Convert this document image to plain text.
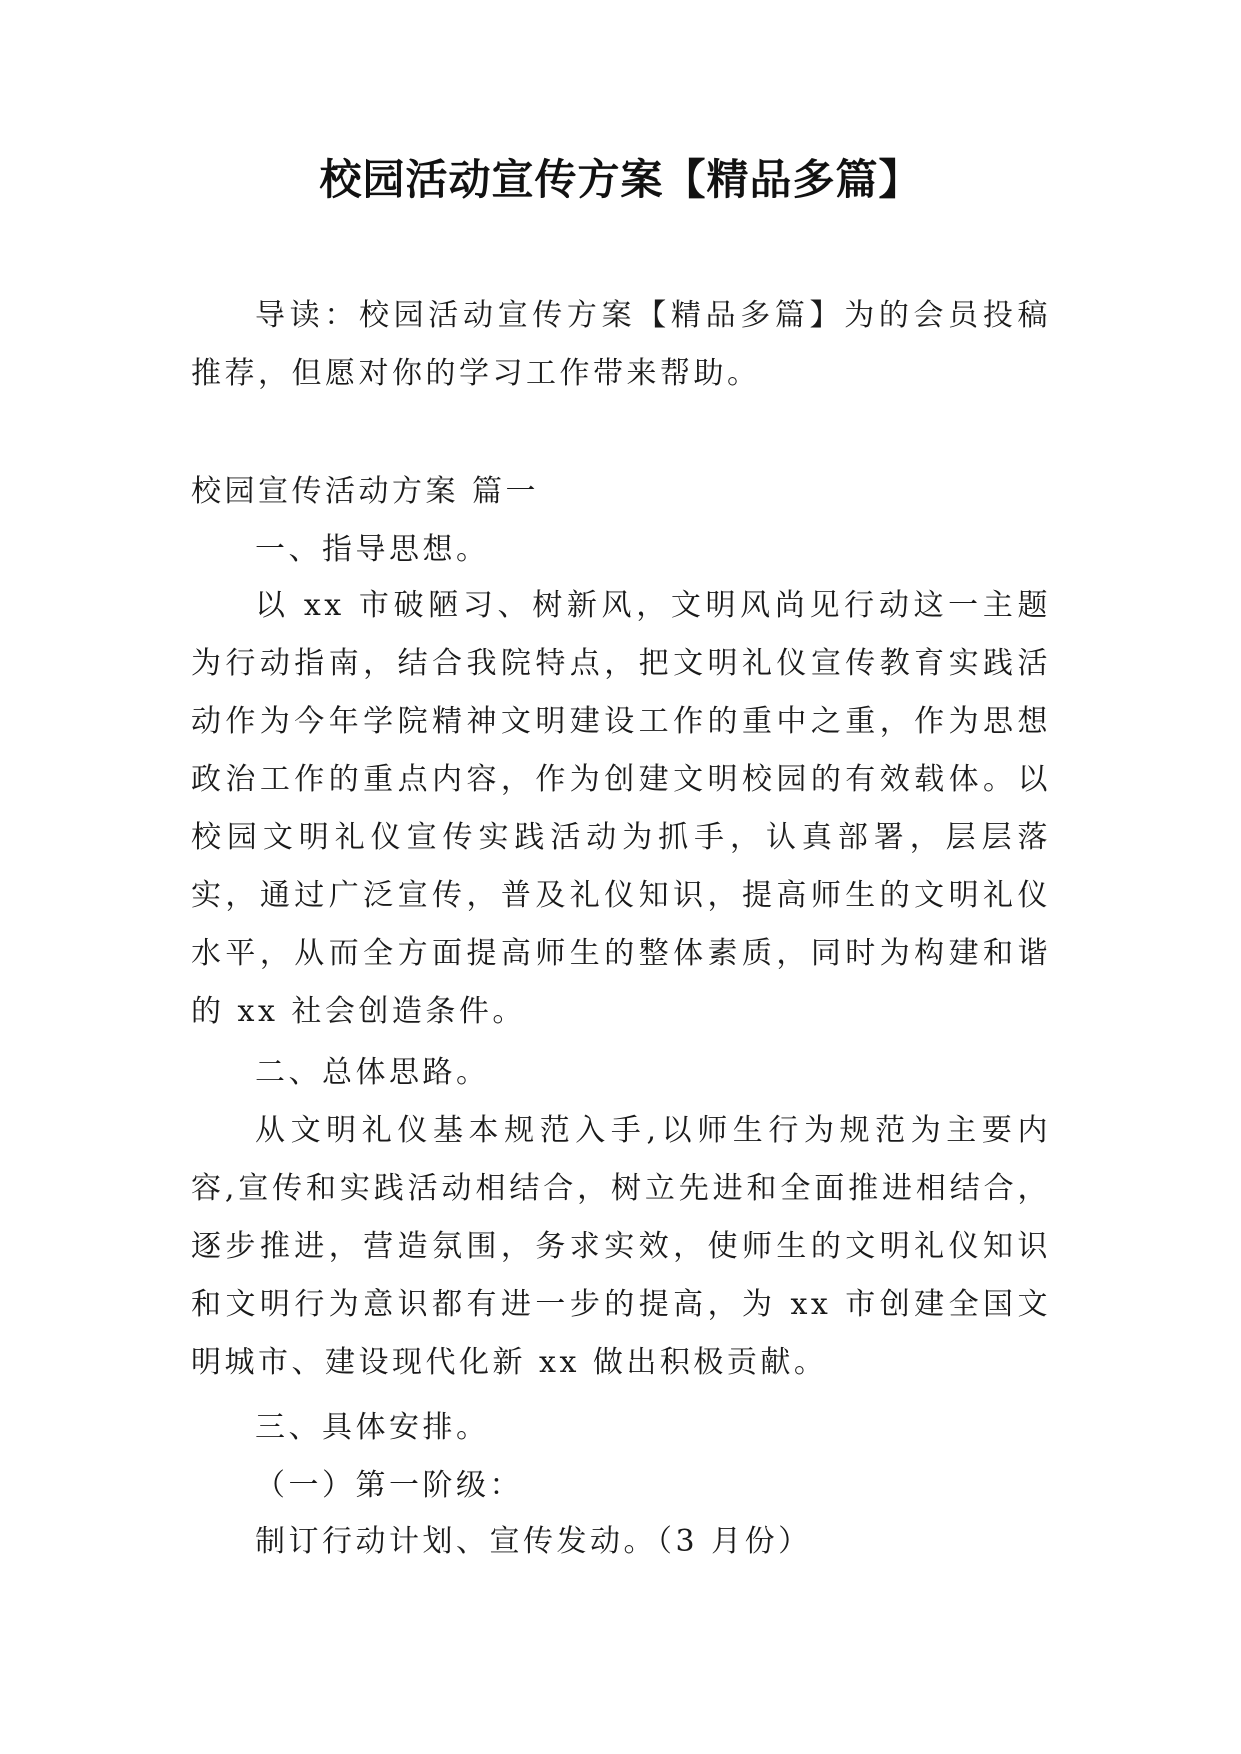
校园活动宣传方案【精品多篇】

导读：校园活动宣传方案【精品多篇】为的会员投稿推荐，但愿对你的学习工作带来帮助。

校园宣传活动方案 篇一

一、指导思想。

以 xx 市破陋习、树新风，文明风尚见行动这一主题为行动指南，结合我院特点，把文明礼仪宣传教育实践活动作为今年学院精神文明建设工作的重中之重，作为思想政治工作的重点内容，作为创建文明校园的有效载体。以校园文明礼仪宣传实践活动为抓手，认真部署，层层落实，通过广泛宣传，普及礼仪知识，提高师生的文明礼仪水平，从而全方面提高师生的整体素质，同时为构建和谐的 xx 社会创造条件。

二、总体思路。

从文明礼仪基本规范入手,以师生行为规范为主要内容,宣传和实践活动相结合，树立先进和全面推进相结合，逐步推进，营造氛围，务求实效，使师生的文明礼仪知识和文明行为意识都有进一步的提高，为 xx 市创建全国文明城市、建设现代化新 xx 做出积极贡献。

三、具体安排。

（一）第一阶级：

制订行动计划、宣传发动。（3 月份）
